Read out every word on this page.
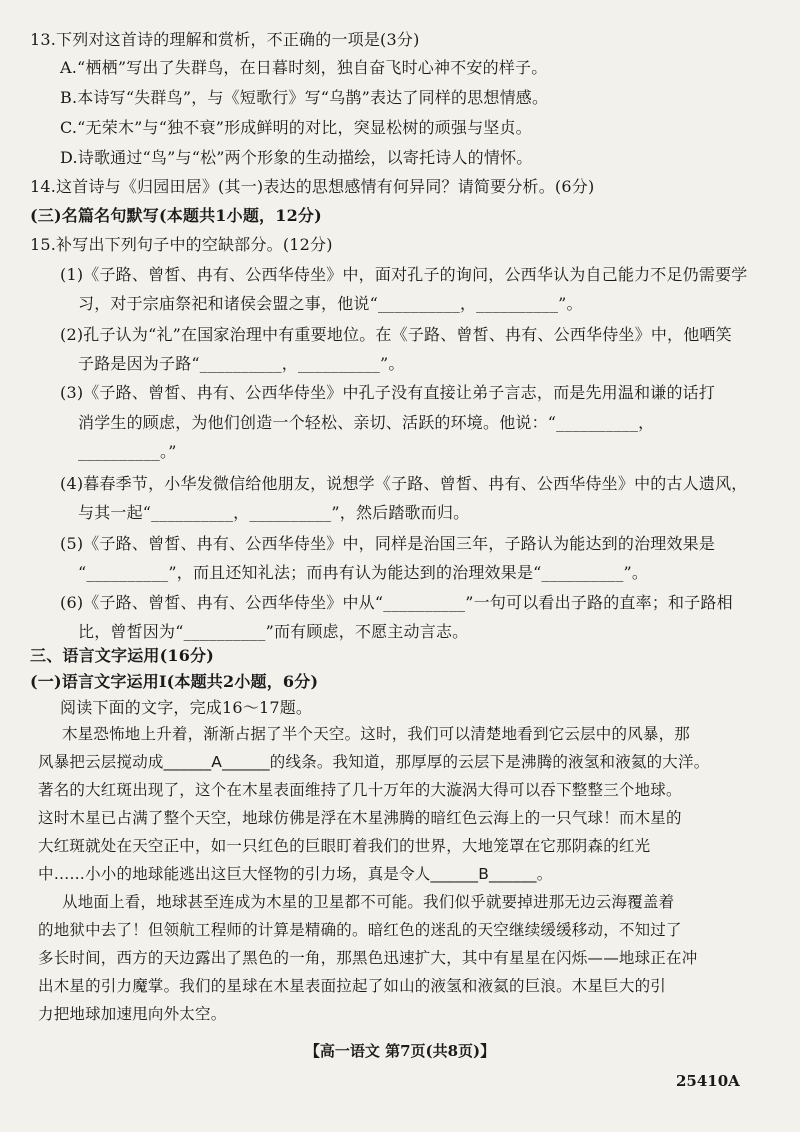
13.下列对这首诗的理解和赏析，不正确的一项是(3分)
A.“栖栖”写出了失群鸟，在日暮时刻，独自奋飞时心神不安的样子。
B.本诗写“失群鸟”，与《短歌行》写“乌鹊”表达了同样的思想情感。
C.“无荣木”与“独不衰”形成鲜明的对比，突显松树的顽强与坚贞。
D.诗歌通过“鸟”与“松”两个形象的生动描绘，以寄托诗人的情怀。
14.这首诗与《归园田居》(其一)表达的思想感情有何异同？请简要分析。(6分)
(三)名篇名句默写(本题共1小题，12分)
15.补写出下列句子中的空缺部分。(12分)
(1)《子路、曾皙、冉有、公西华侍坐》中，面对孔子的询问，公西华认为自己能力不足仍需要学
习，对于宗庙祭祀和诸侯会盟之事，他说“__________，__________”。
(2)孔子认为“礼”在国家治理中有重要地位。在《子路、曾皙、冉有、公西华侍坐》中，他哂笑
子路是因为子路“__________，__________”。
(3)《子路、曾皙、冉有、公西华侍坐》中孔子没有直接让弟子言志，而是先用温和谦的话打
消学生的顾虑，为他们创造一个轻松、亲切、活跃的环境。他说：“__________，
__________。”
(4)暮春季节，小华发微信给他朋友，说想学《子路、曾皙、冉有、公西华侍坐》中的古人遗风，
与其一起“__________，__________”，然后踏歌而归。
(5)《子路、曾皙、冉有、公西华侍坐》中，同样是治国三年，子路认为能达到的治理效果是
“__________”，而且还知礼法；而冉有认为能达到的治理效果是“__________”。
(6)《子路、曾皙、冉有、公西华侍坐》中从“__________”一句可以看出子路的直率；和子路相
比，曾皙因为“__________”而有顾虑，不愿主动言志。
三、语言文字运用(16分)
(一)语言文字运用Ⅰ(本题共2小题，6分)
阅读下面的文字，完成16～17题。
木星恐怖地上升着，渐渐占据了半个天空。这时，我们可以清楚地看到它云层中的风暴，那
风暴把云层搅动成______A______的线条。我知道，那厚厚的云层下是沸腾的液氢和液氦的大洋。
著名的大红斑出现了，这个在木星表面维持了几十万年的大漩涡大得可以吞下整整三个地球。
这时木星已占满了整个天空，地球仿佛是浮在木星沸腾的暗红色云海上的一只气球！而木星的
大红斑就处在天空正中，如一只红色的巨眼盯着我们的世界，大地笼罩在它那阴森的红光
中……小小的地球能逃出这巨大怪物的引力场，真是令人______B______。
从地面上看，地球甚至连成为木星的卫星都不可能。我们似乎就要掉进那无边云海覆盖着
的地狱中去了！但领航工程师的计算是精确的。暗红色的迷乱的天空继续缓缓移动，不知过了
多长时间，西方的天边露出了黑色的一角，那黑色迅速扩大，其中有星星在闪烁——地球正在冲
出木星的引力魔掌。我们的星球在木星表面拉起了如山的液氢和液氦的巨浪。木星巨大的引
力把地球加速甩向外太空。
【高一语文 第7页(共8页)】
25410A
